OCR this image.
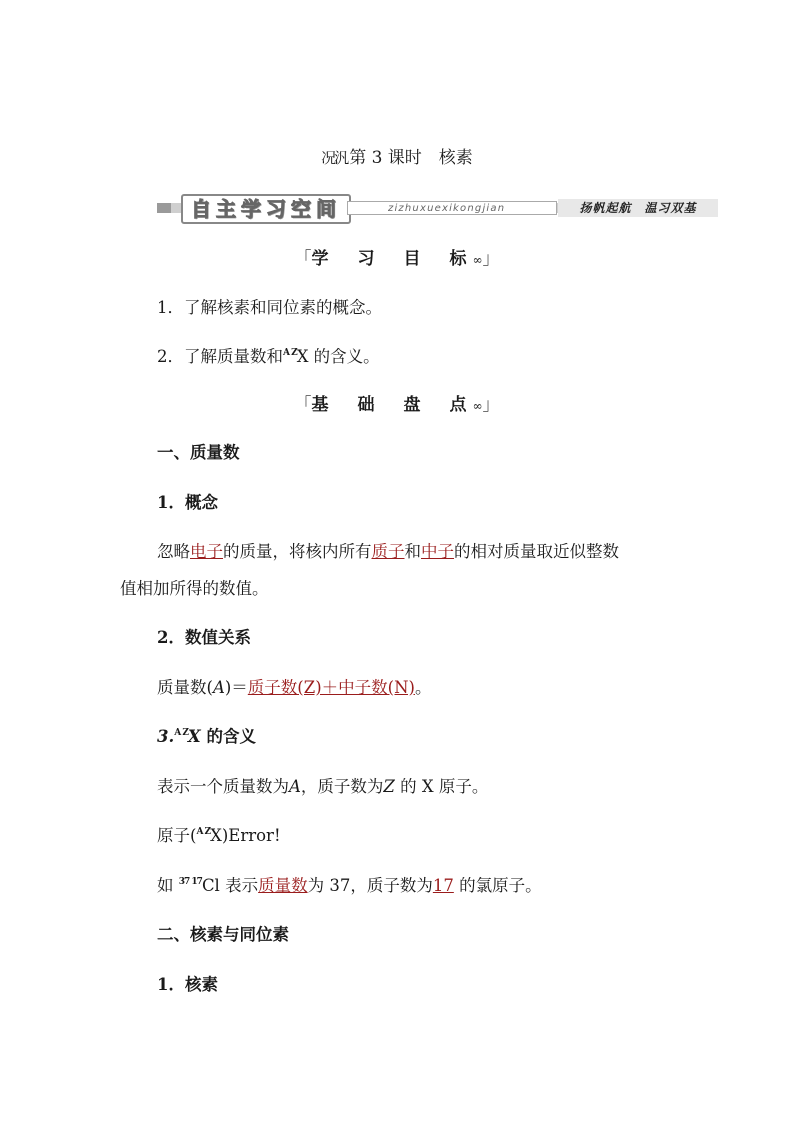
况汎 第 3 课时　核素
自主学习空间	zizhuxuexikongjian	扬帆起航　温习双基
「学　习　目　标∞」
1．了解核素和同位素的概念。
2．了解质量数和$^{A Z}$X 的含义。
「基　础　盘　点∞」
一、质量数
1．概念
忽略电子的质量，将核内所有质子和中子的相对质量取近似整数
值相加所得的数值。
2．数值关系
质量数(A)＝质子数(Z)＋中子数(N)。
3.$^{A Z}$X 的含义
表示一个质量数为A，质子数为Z 的 X 原子。
原子($^{A Z}$X)Error!
如 $^{37 17}$Cl 表示质量数为 37，质子数为17 的氯原子。
二、核素与同位素
1．核素
